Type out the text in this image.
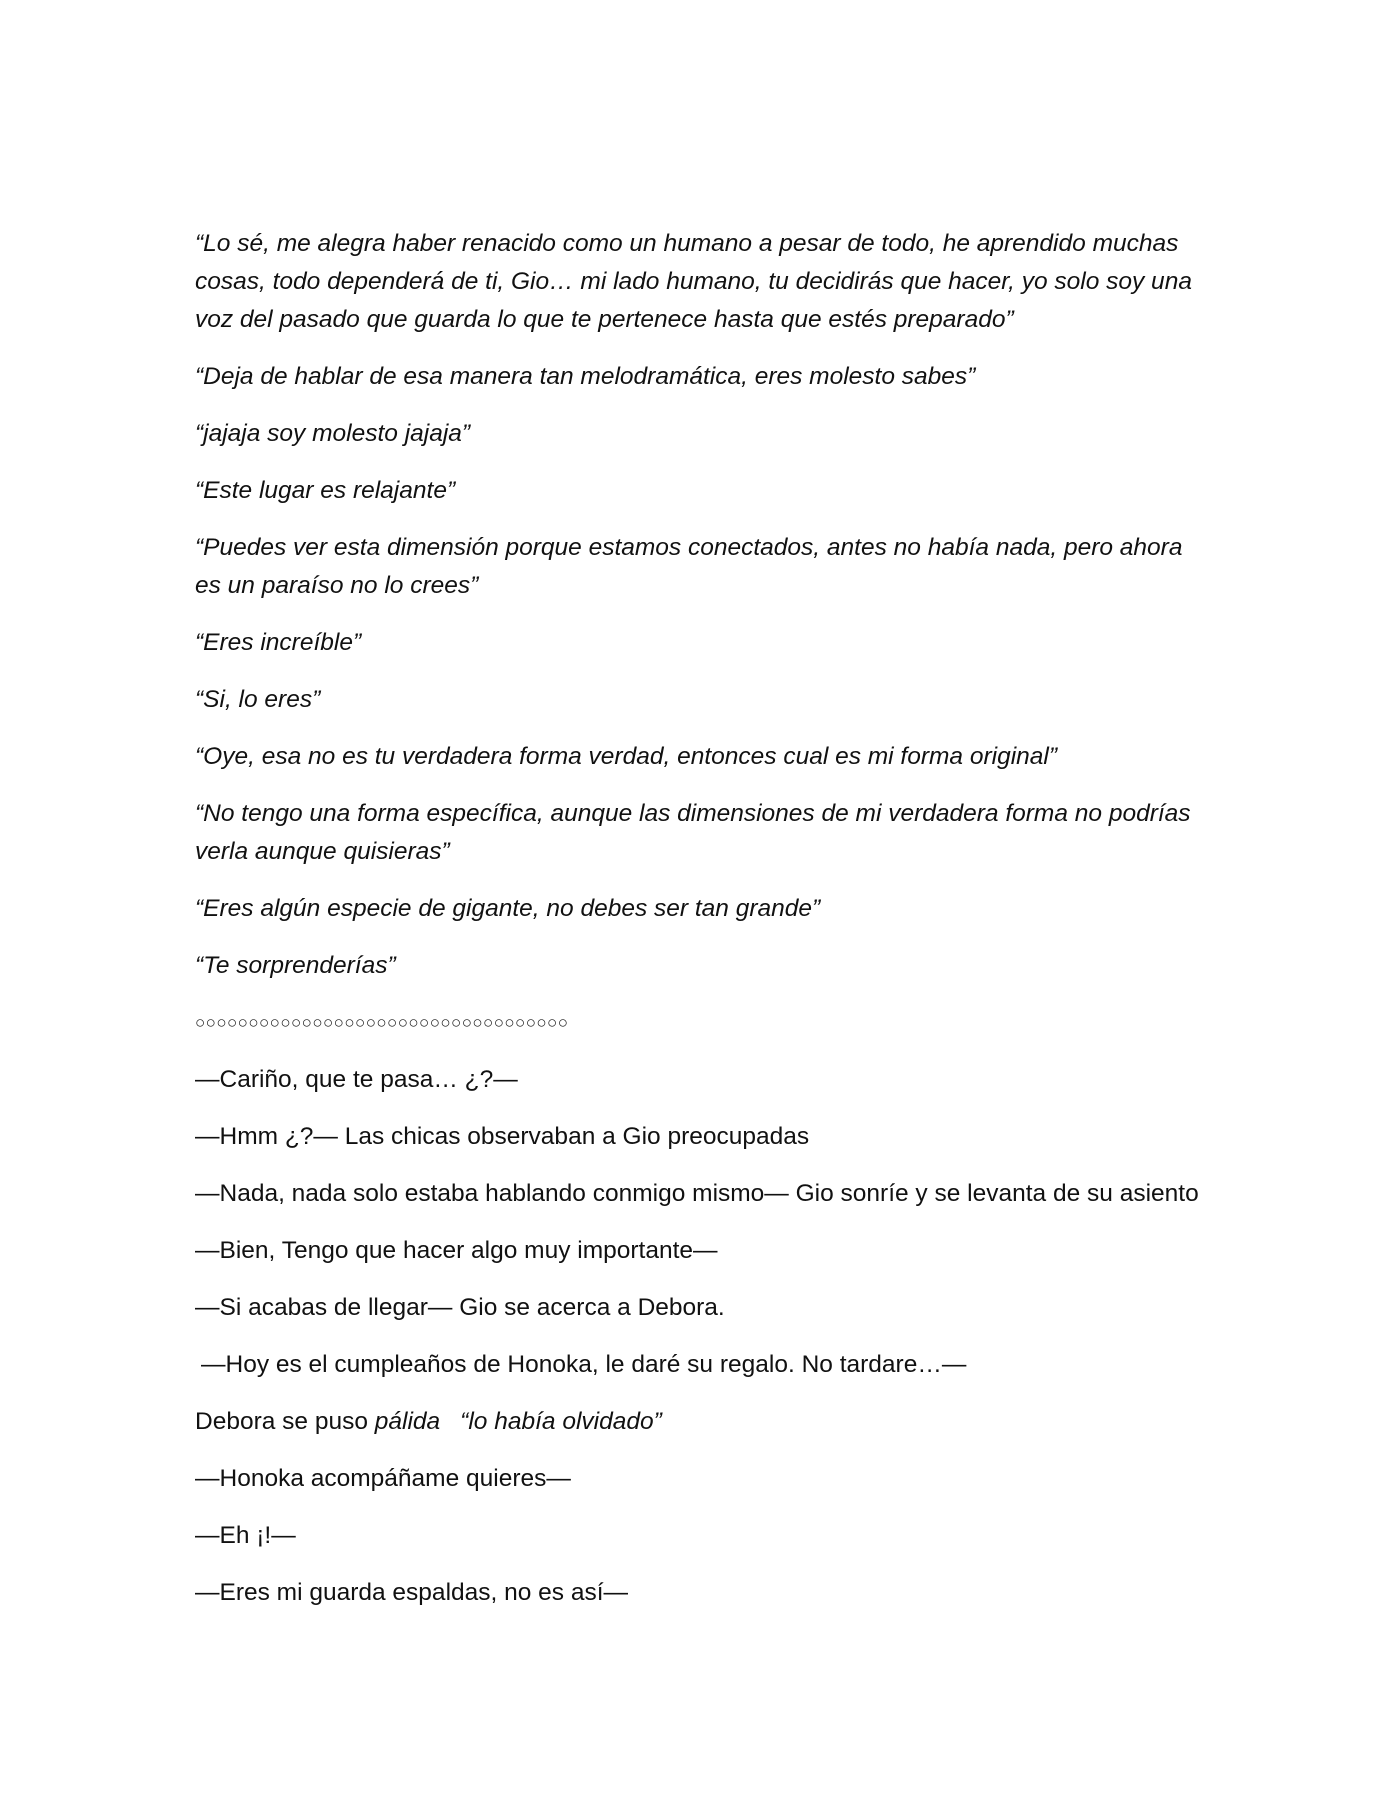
“Lo sé, me alegra haber renacido como un humano a pesar de todo, he aprendido muchas cosas, todo dependerá de ti, Gio… mi lado humano, tu decidirás que hacer, yo solo soy una voz del pasado que guarda lo que te pertenece hasta que estés preparado”

“Deja de hablar de esa manera tan melodramática, eres molesto sabes”

“jajaja soy molesto jajaja”

“Este lugar es relajante”

“Puedes ver esta dimensión porque estamos conectados, antes no había nada, pero ahora es un paraíso no lo crees”

“Eres increíble”

“Si, lo eres”

“Oye, esa no es tu verdadera forma verdad, entonces cual es mi forma original”

“No tengo una forma específica, aunque las dimensiones de mi verdadera forma no podrías verla aunque quisieras”

“Eres algún especie de gigante, no debes ser tan grande”

“Te sorprenderías”

○○○○○○○○○○○○○○○○○○○○○○○○○○○○○○○○○○○

—Cariño, que te pasa… ¿?—

—Hmm ¿?— Las chicas observaban a Gio preocupadas

—Nada, nada solo estaba hablando conmigo mismo— Gio sonríe y se levanta de su asiento

—Bien, Tengo que hacer algo muy importante—

—Si acabas de llegar— Gio se acerca a Debora.

—Hoy es el cumpleaños de Honoka, le daré su regalo. No tardare…—

Debora se puso pálida “lo había olvidado”

—Honoka acompáñame quieres—

—Eh ¡!—

—Eres mi guarda espaldas, no es así—
